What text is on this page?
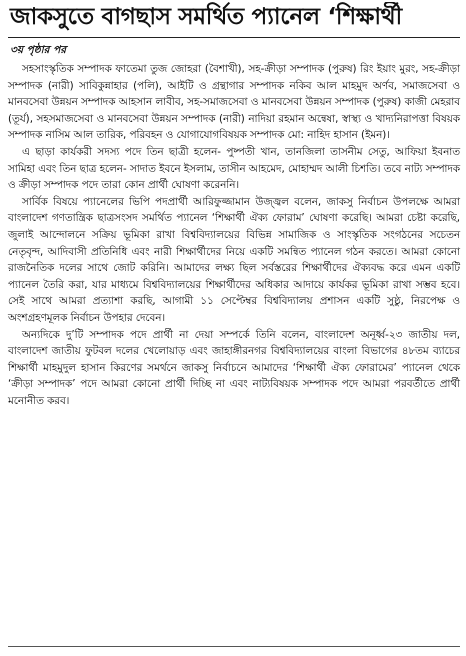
জাকসুতে বাগছাস সমর্থিত প্যানেল ‘শিক্ষার্থী
৩য় পৃষ্ঠার পর

সহসাংস্কৃতিক সম্পাদক ফাতেমা তুজ জোহরা (বৈশাখী), সহ-ক্রীড়া সম্পাদক (পুরুষ) রিং ইয়াং মুরং, সহ-ক্রীড়া সম্পাদক (নারী) সাবিকুন্নাহার (পলি), আইটি ও গ্রন্থাগার সম্পাদক নকিব আল মাহমুদ অর্ণব, সমাজসেবা ও মানবসেবা উন্নয়ন সম্পাদক আহসান লাবীব, সহ-সমাজসেবা ও মানবসেবা উন্নয়ন সম্পাদক (পুরুষ) কাজী মেহরাব (তূর্য), সহসমাজসেবা ও মানবসেবা উন্নয়ন সম্পাদক (নারী) নাদিয়া রহমান অন্বেষা, স্বাস্থ্য ও খাদ্যনিরাপত্তা বিষয়ক সম্পাদক নাসিম আল তারিক, পরিবহন ও যোগাযোগবিষয়ক সম্পাদক মো: নাহিদ হাসান (ইমন)।

এ ছাড়া কার্যকরী সদস্য পদে তিন ছাত্রী হলেন- পুষ্পতী খান, তানজিলা তাসনীম সেতু, আফিয়া ইবনাত সামিহা এবং তিন ছাত্র হলেন- সাদাত ইবনে ইসলাম, তাসীন আহমেদ, মোহাম্মদ আলী চিশতি। তবে নাট্য সম্পাদক ও ক্রীড়া সম্পাদক পদে তারা কোন প্রার্থী ঘোষণা করেননি।

সার্বিক বিষয়ে প্যানেলের ভিপি পদপ্রার্থী আরিফুজ্জামান উজ্জ্বল বলেন, জাকসু নির্বাচন উপলক্ষে আমরা বাংলাদেশ গণতান্ত্রিক ছাত্রসংসদ সমর্থিত প্যানেল ‘শিক্ষার্থী ঐক্য ফোরাম’ ঘোষণা করেছি। আমরা চেষ্টা করেছি, জুলাই আন্দোলনে সক্রিয় ভূমিকা রাখা বিশ্ববিদ্যালয়ের বিভিন্ন সামাজিক ও সাংস্কৃতিক সংগঠনের সচেতন নেতৃবৃন্দ, আদিবাসী প্রতিনিধি এবং নারী শিক্ষার্থীদের নিয়ে একটি সমন্বিত প্যানেল গঠন করতে। আমরা কোনো রাজনৈতিক দলের সাথে জোট করিনি। আমাদের লক্ষ্য ছিল সর্বস্তরের শিক্ষার্থীদের ঐক্যবদ্ধ করে এমন একটি প্যানেল তৈরি করা, যার মাধ্যমে বিশ্ববিদ্যালয়ের শিক্ষার্থীদের অধিকার আদায়ে কার্যকর ভূমিকা রাখা সম্ভব হবে। সেই সাথে আমরা প্রত্যাশা করছি, আগামী ১১ সেপ্টেম্বর বিশ্ববিদ্যালয় প্রশাসন একটি সুষ্ঠু, নিরপেক্ষ ও অংশগ্রহণমূলক নির্বাচন উপহার দেবেন।

অন্যদিকে দু’টি সম্পাদক পদে প্রার্থী না দেয়া সম্পর্কে তিনি বলেন, বাংলাদেশ অনূর্ধ্ব-২৩ জাতীয় দল, বাংলাদেশ জাতীয় ফুটবল দলের খেলোয়াড় এবং জাহাঙ্গীরনগর বিশ্ববিদ্যালয়ের বাংলা বিভাগের ৪৮তম ব্যাচের শিক্ষার্থী মাহমুদুল হাসান কিরণের সমর্থনে জাকসু নির্বাচনে আমাদের ‘শিক্ষার্থী ঐক্য ফোরামের’ প্যানেল থেকে ‘ক্রীড়া সম্পাদক’ পদে আমরা কোনো প্রার্থী দিচ্ছি না এবং নাট্যবিষয়ক সম্পাদক পদে আমরা পরবর্তীতে প্রার্থী মনোনীত করব।
